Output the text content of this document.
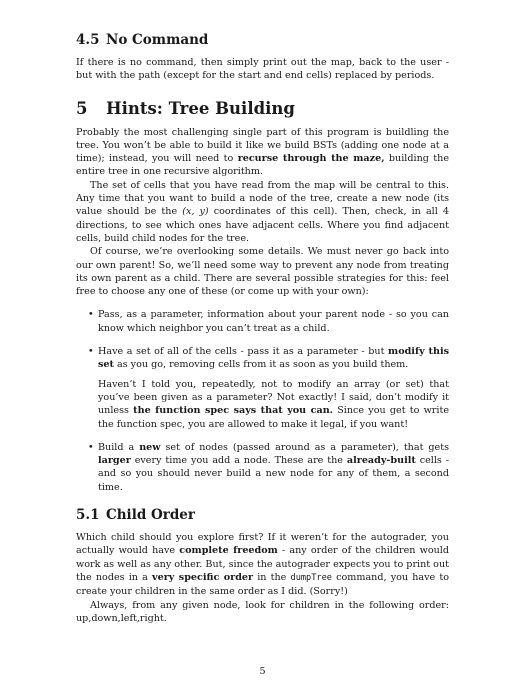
4.5 No Command

If there is no command, then simply print out the map, back to the user - but with the path (except for the start and end cells) replaced by periods.

5 Hints: Tree Building

Probably the most challenging single part of this program is buildling the tree. You won’t be able to build it like we build BSTs (adding one node at a time); instead, you will need to recurse through the maze, building the entire tree in one recursive algorithm.

The set of cells that you have read from the map will be central to this. Any time that you want to build a node of the tree, create a new node (its value should be the (x, y) coordinates of this cell). Then, check, in all 4 directions, to see which ones have adjacent cells. Where you find adjacent cells, build child nodes for the tree.

Of course, we’re overlooking some details. We must never go back into our own parent! So, we’ll need some way to prevent any node from treating its own parent as a child. There are several possible strategies for this: feel free to choose any one of these (or come up with your own):

• Pass, as a parameter, information about your parent node - so you can know which neighbor you can’t treat as a child.

• Have a set of all of the cells - pass it as a parameter - but modify this set as you go, removing cells from it as soon as you build them.

Haven’t I told you, repeatedly, not to modify an array (or set) that you’ve been given as a parameter? Not exactly! I said, don’t modify it unless the function spec says that you can. Since you get to write the function spec, you are allowed to make it legal, if you want!

• Build a new set of nodes (passed around as a parameter), that gets larger every time you add a node. These are the already-built cells - and so you should never build a new node for any of them, a second time.

5.1 Child Order

Which child should you explore first? If it weren’t for the autograder, you actually would have complete freedom - any order of the children would work as well as any other. But, since the autograder expects you to print out the nodes in a very specific order in the dumpTree command, you have to create your children in the same order as I did. (Sorry!)

Always, from any given node, look for children in the following order: up,down,left,right.

5
